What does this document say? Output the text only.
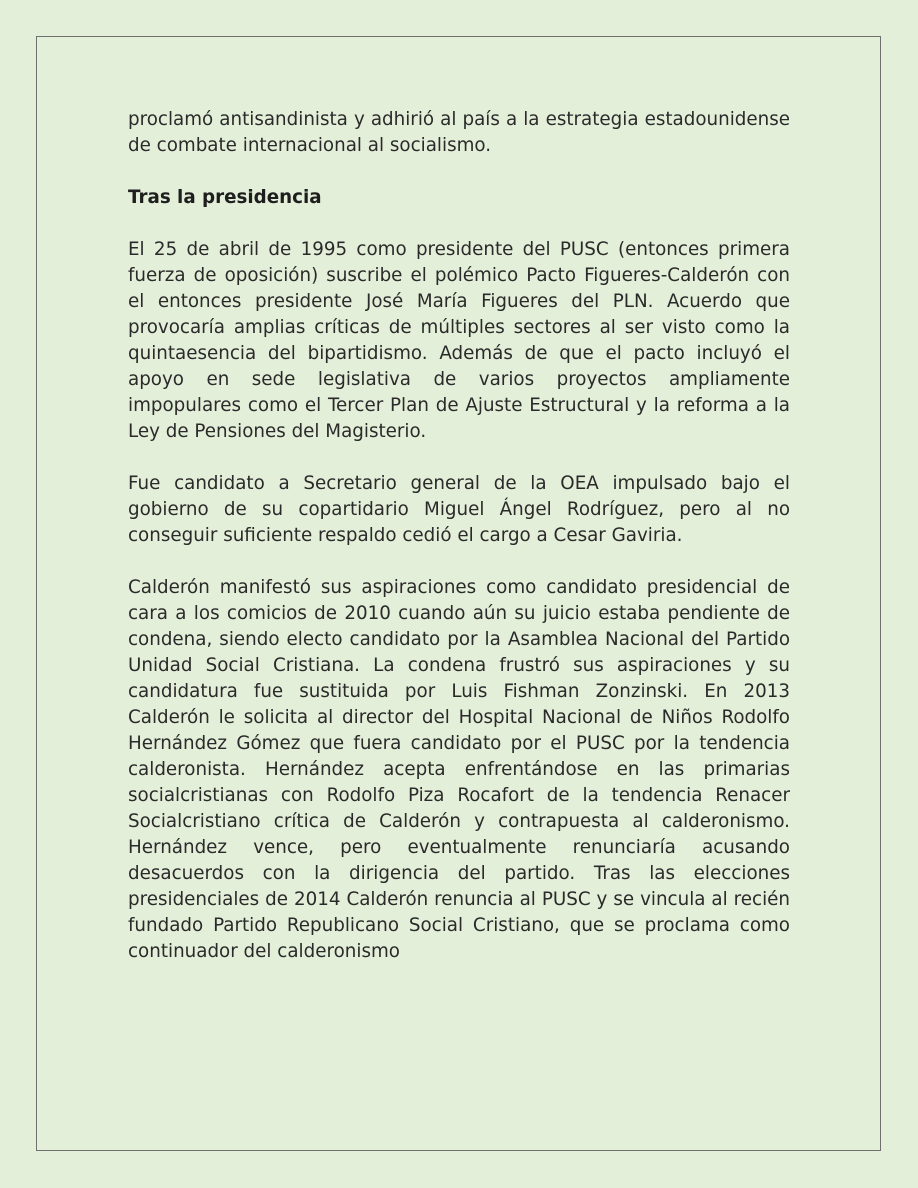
proclamó antisandinista y adhirió al país a la estrategia estadounidense de combate internacional al socialismo.

Tras la presidencia

El 25 de abril de 1995 como presidente del PUSC (entonces primera fuerza de oposición) suscribe el polémico Pacto Figueres-Calderón con el entonces presidente José María Figueres del PLN. Acuerdo que provocaría amplias críticas de múltiples sectores al ser visto como la quintaesencia del bipartidismo. Además de que el pacto incluyó el apoyo en sede legislativa de varios proyectos ampliamente impopulares como el Tercer Plan de Ajuste Estructural y la reforma a la Ley de Pensiones del Magisterio.

Fue candidato a Secretario general de la OEA impulsado bajo el gobierno de su copartidario Miguel Ángel Rodríguez, pero al no conseguir suficiente respaldo cedió el cargo a Cesar Gaviria.

Calderón manifestó sus aspiraciones como candidato presidencial de cara a los comicios de 2010 cuando aún su juicio estaba pendiente de condena, siendo electo candidato por la Asamblea Nacional del Partido Unidad Social Cristiana. La condena frustró sus aspiraciones y su candidatura fue sustituida por Luis Fishman Zonzinski. En 2013 Calderón le solicita al director del Hospital Nacional de Niños Rodolfo Hernández Gómez que fuera candidato por el PUSC por la tendencia calderonista. Hernández acepta enfrentándose en las primarias socialcristianas con Rodolfo Piza Rocafort de la tendencia Renacer Socialcristiano crítica de Calderón y contrapuesta al calderonismo. Hernández vence, pero eventualmente renunciaría acusando desacuerdos con la dirigencia del partido. Tras las elecciones presidenciales de 2014 Calderón renuncia al PUSC y se vincula al recién fundado Partido Republicano Social Cristiano, que se proclama como continuador del calderonismo
